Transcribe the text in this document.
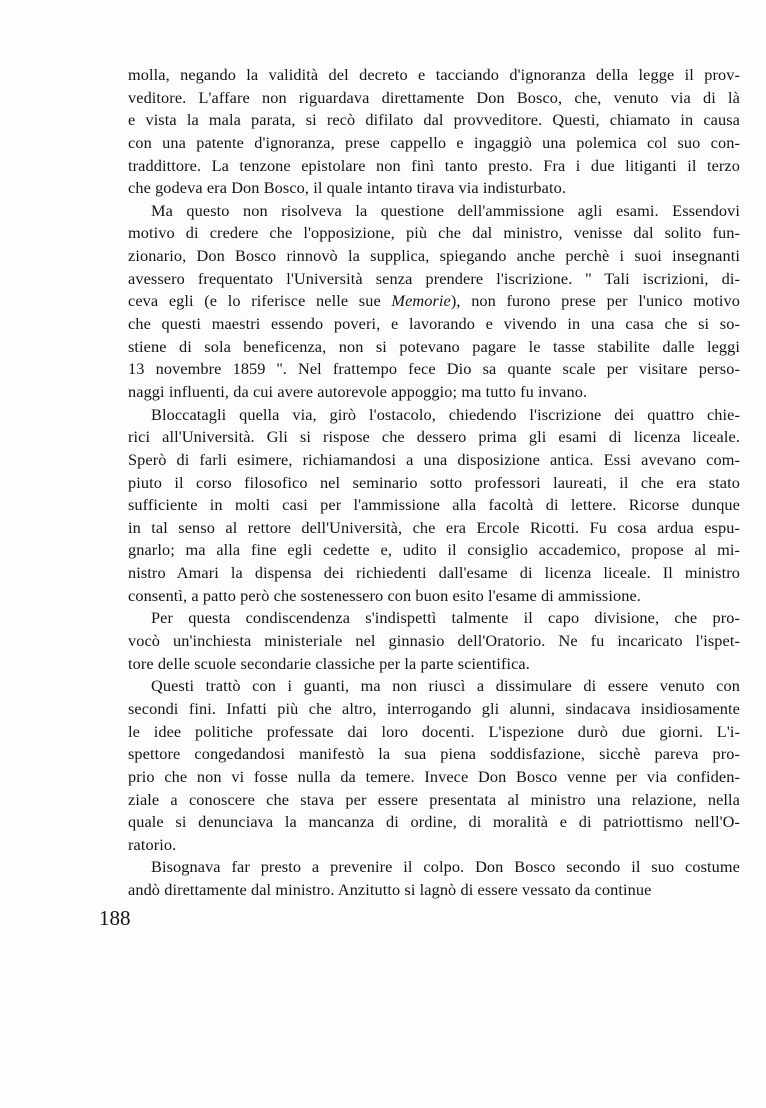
molla, negando la validità del decreto e tacciando d'ignoranza della legge il prov-
veditore. L'affare non riguardava direttamente Don Bosco, che, venuto via di là
e vista la mala parata, si recò difilato dal provveditore. Questi, chiamato in causa
con una patente d'ignoranza, prese cappello e ingaggiò una polemica col suo con-
traddittore. La tenzone epistolare non finì tanto presto. Fra i due litiganti il terzo
che godeva era Don Bosco, il quale intanto tirava via indisturbato.
Ma questo non risolveva la questione dell'ammissione agli esami. Essendovi
motivo di credere che l'opposizione, più che dal ministro, venisse dal solito fun-
zionario, Don Bosco rinnovò la supplica, spiegando anche perchè i suoi insegnanti
avessero frequentato l'Università senza prendere l'iscrizione. '' Tali iscrizioni, di-
ceva egli (e lo riferisce nelle sue Memorie), non furono prese per l'unico motivo
che questi maestri essendo poveri, e lavorando e vivendo in una casa che si so-
stiene di sola beneficenza, non si potevano pagare le tasse stabilite dalle leggi
13 novembre 1859 ''. Nel frattempo fece Dio sa quante scale per visitare perso-
naggi influenti, da cui avere autorevole appoggio; ma tutto fu invano.
Bloccatagli quella via, girò l'ostacolo, chiedendo l'iscrizione dei quattro chie-
rici all'Università. Gli si rispose che dessero prima gli esami di licenza liceale.
Sperò di farli esimere, richiamandosi a una disposizione antica. Essi avevano com-
piuto il corso filosofico nel seminario sotto professori laureati, il che era stato
sufficiente in molti casi per l'ammissione alla facoltà di lettere. Ricorse dunque
in tal senso al rettore dell'Università, che era Ercole Ricotti. Fu cosa ardua espu-
gnarlo; ma alla fine egli cedette e, udito il consiglio accademico, propose al mi-
nistro Amari la dispensa dei richiedenti dall'esame di licenza liceale. Il ministro
consentì, a patto però che sostenessero con buon esito l'esame di ammissione.
Per questa condiscendenza s'indispettì talmente il capo divisione, che pro-
vocò un'inchiesta ministeriale nel ginnasio dell'Oratorio. Ne fu incaricato l'ispet-
tore delle scuole secondarie classiche per la parte scientifica.
Questi trattò con i guanti, ma non riuscì a dissimulare di essere venuto con
secondi fini. Infatti più che altro, interrogando gli alunni, sindacava insidiosamente
le idee politiche professate dai loro docenti. L'ispezione durò due giorni. L'i-
spettore congedandosi manifestò la sua piena soddisfazione, sicchè pareva pro-
prio che non vi fosse nulla da temere. Invece Don Bosco venne per via confiden-
ziale a conoscere che stava per essere presentata al ministro una relazione, nella
quale si denunciava la mancanza di ordine, di moralità e di patriottismo nell'O-
ratorio.
Bisognava far presto a prevenire il colpo. Don Bosco secondo il suo costume
andò direttamente dal ministro. Anzitutto si lagnò di essere vessato da continue
188
